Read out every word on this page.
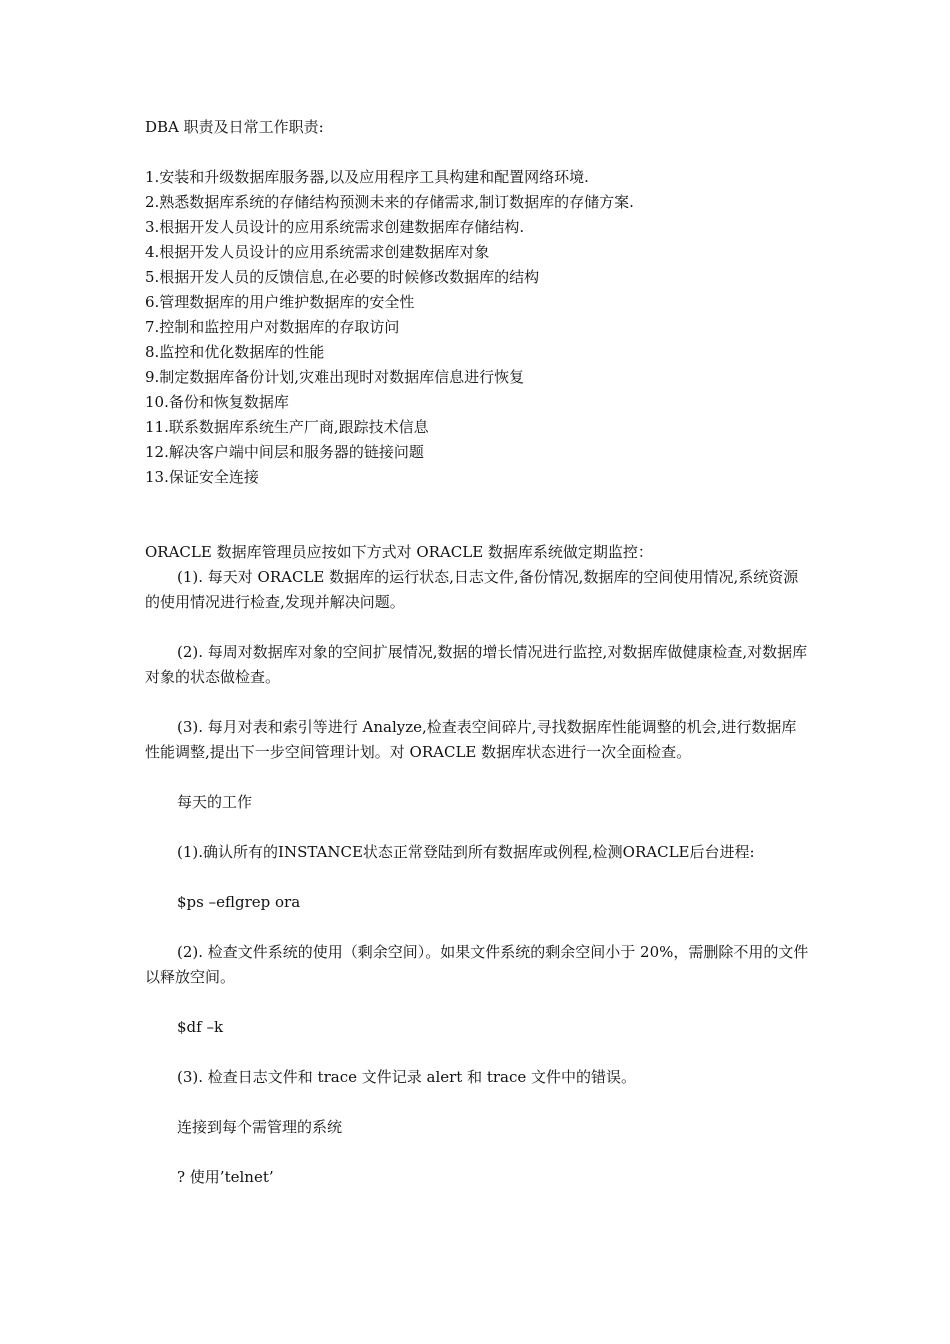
DBA 职责及日常工作职责:
1.安装和升级数据库服务器,以及应用程序工具构建和配置网络环境.
2.熟悉数据库系统的存储结构预测未来的存储需求,制订数据库的存储方案.
3.根据开发人员设计的应用系统需求创建数据库存储结构.
4.根据开发人员设计的应用系统需求创建数据库对象
5.根据开发人员的反馈信息,在必要的时候修改数据库的结构
6.管理数据库的用户维护数据库的安全性
7.控制和监控用户对数据库的存取访问
8.监控和优化数据库的性能
9.制定数据库备份计划,灾难出现时对数据库信息进行恢复
10.备份和恢复数据库
11.联系数据库系统生产厂商,跟踪技术信息
12.解决客户端中间层和服务器的链接问题
13.保证安全连接
ORACLE 数据库管理员应按如下方式对 ORACLE 数据库系统做定期监控：
(1). 每天对 ORACLE 数据库的运行状态,日志文件,备份情况,数据库的空间使用情况,系统资源的使用情况进行检查,发现并解决问题。
(2). 每周对数据库对象的空间扩展情况,数据的增长情况进行监控,对数据库做健康检查,对数据库对象的状态做检查。
(3). 每月对表和索引等进行 Analyze,检查表空间碎片,寻找数据库性能调整的机会,进行数据库性能调整,提出下一步空间管理计划。对 ORACLE 数据库状态进行一次全面检查。
每天的工作
(1).确认所有的INSTANCE状态正常登陆到所有数据库或例程,检测ORACLE后台进程:
$ps –eflgrep ora
(2). 检查文件系统的使用（剩余空间）。如果文件系统的剩余空间小于 20%，需删除不用的文件以释放空间。
$df –k
(3). 检查日志文件和 trace 文件记录 alert 和 trace 文件中的错误。
连接到每个需管理的系统
? 使用’telnet’
